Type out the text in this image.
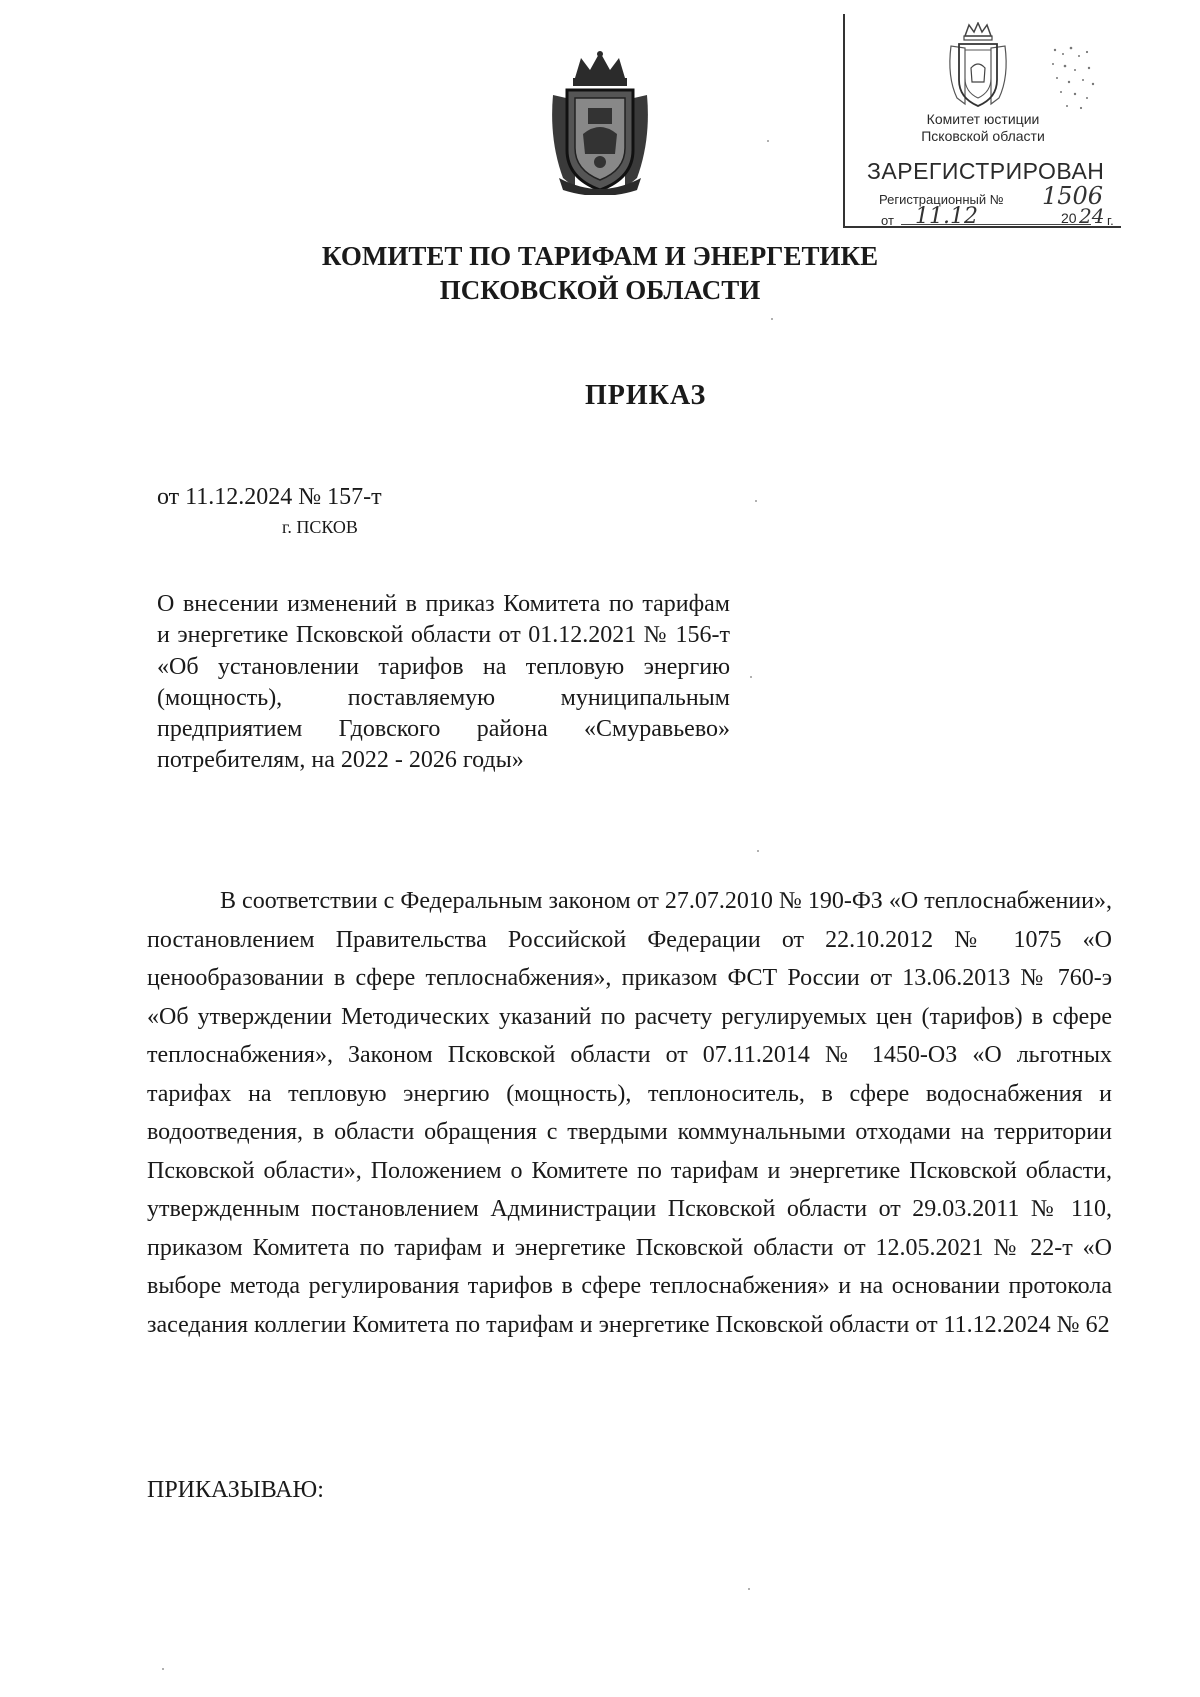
Комитет юстиции
Псковской области
ЗАРЕГИСТРИРОВАН
Регистрационный № 1506
от 11.12	20 24 г.
КОМИТЕТ ПО ТАРИФАМ И ЭНЕРГЕТИКЕ
ПСКОВСКОЙ ОБЛАСТИ
ПРИКАЗ
от 11.12.2024 № 157-т
г. ПСКОВ
О внесении изменений в приказ Комитета по тарифам и энергетике Псковской области от 01.12.2021 № 156-т «Об установлении тарифов на тепловую энергию (мощность), поставляемую муниципальным предприятием Гдовского района «Смуравьево» потребителям, на 2022 - 2026 годы»
В соответствии с Федеральным законом от 27.07.2010 № 190-ФЗ «О теплоснабжении», постановлением Правительства Российской Федерации от 22.10.2012 № 1075 «О ценообразовании в сфере теплоснабжения», приказом ФСТ России от 13.06.2013 № 760-э «Об утверждении Методических указаний по расчету регулируемых цен (тарифов) в сфере теплоснабжения», Законом Псковской области от 07.11.2014 № 1450-ОЗ «О льготных тарифах на тепловую энергию (мощность), теплоноситель, в сфере водоснабжения и водоотведения, в области обращения с твердыми коммунальными отходами на территории Псковской области», Положением о Комитете по тарифам и энергетике Псковской области, утвержденным постановлением Администрации Псковской области от 29.03.2011 № 110, приказом Комитета по тарифам и энергетике Псковской области от 12.05.2021 № 22-т «О выборе метода регулирования тарифов в сфере теплоснабжения» и на основании протокола заседания коллегии Комитета по тарифам и энергетике Псковской области от 11.12.2024 № 62
ПРИКАЗЫВАЮ:
